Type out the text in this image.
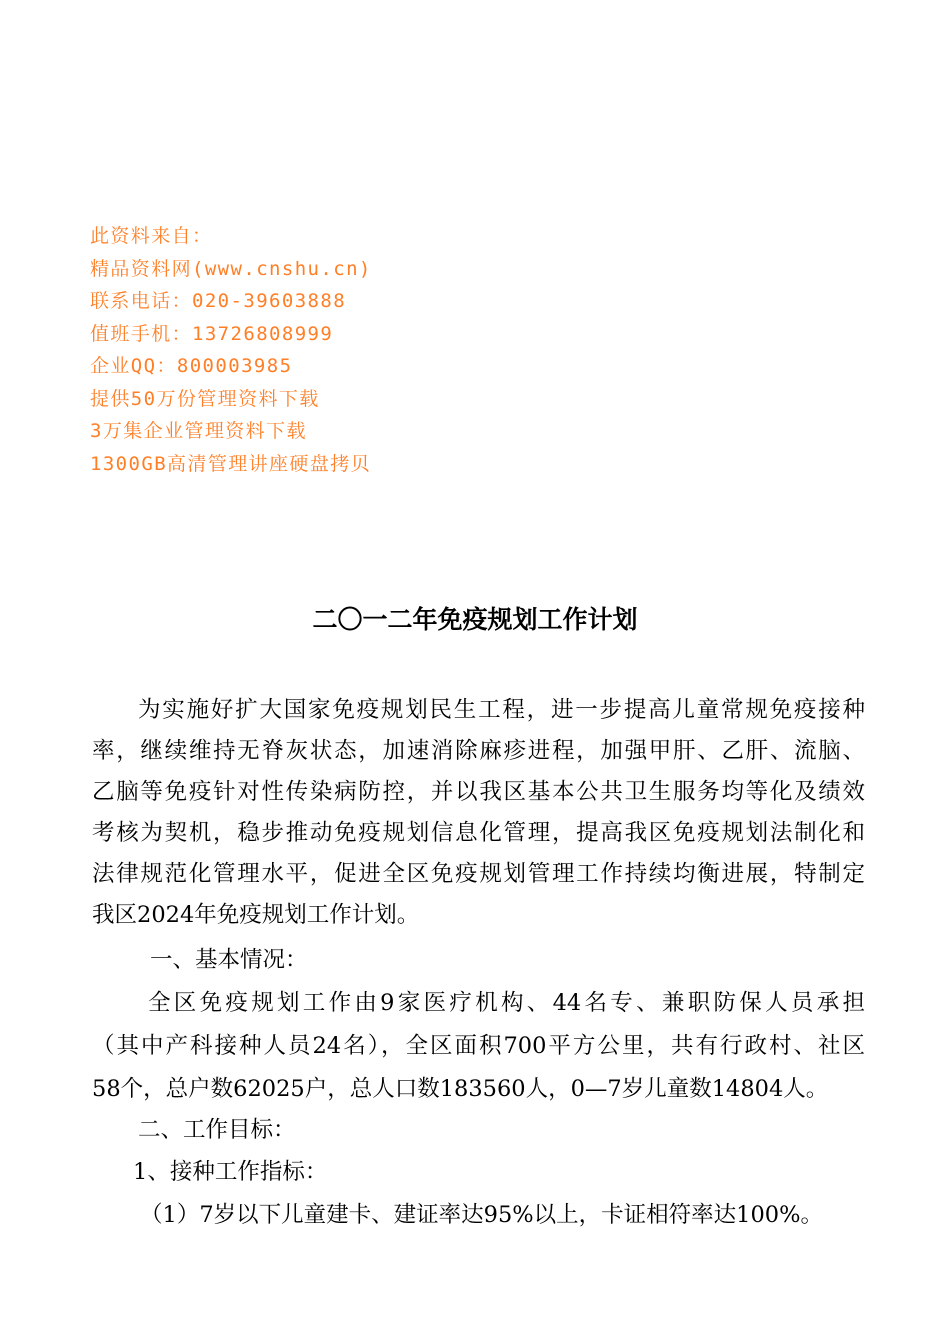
此资料来自：
精品资料网(www.cnshu.cn)
联系电话：020-39603888
值班手机：13726808999
企业QQ：800003985
提供50万份管理资料下载
3万集企业管理资料下载
1300GB高清管理讲座硬盘拷贝
二〇一二年免疫规划工作计划
为实施好扩大国家免疫规划民生工程，进一步提高儿童常规免疫接种
率，继续维持无脊灰状态，加速消除麻疹进程，加强甲肝、乙肝、流脑、
乙脑等免疫针对性传染病防控，并以我区基本公共卫生服务均等化及绩效
考核为契机，稳步推动免疫规划信息化管理，提高我区免疫规划法制化和
法律规范化管理水平，促进全区免疫规划管理工作持续均衡进展，特制定
我区2024年免疫规划工作计划。
一、基本情况：
全区免疫规划工作由9家医疗机构、44名专、兼职防保人员承担
（其中产科接种人员24名），全区面积700平方公里，共有行政村、社区
58个，总户数62025户，总人口数183560人，0—7岁儿童数14804人。
二、工作目标：
1、接种工作指标：
（1）7岁以下儿童建卡、建证率达95%以上，卡证相符率达100%。
